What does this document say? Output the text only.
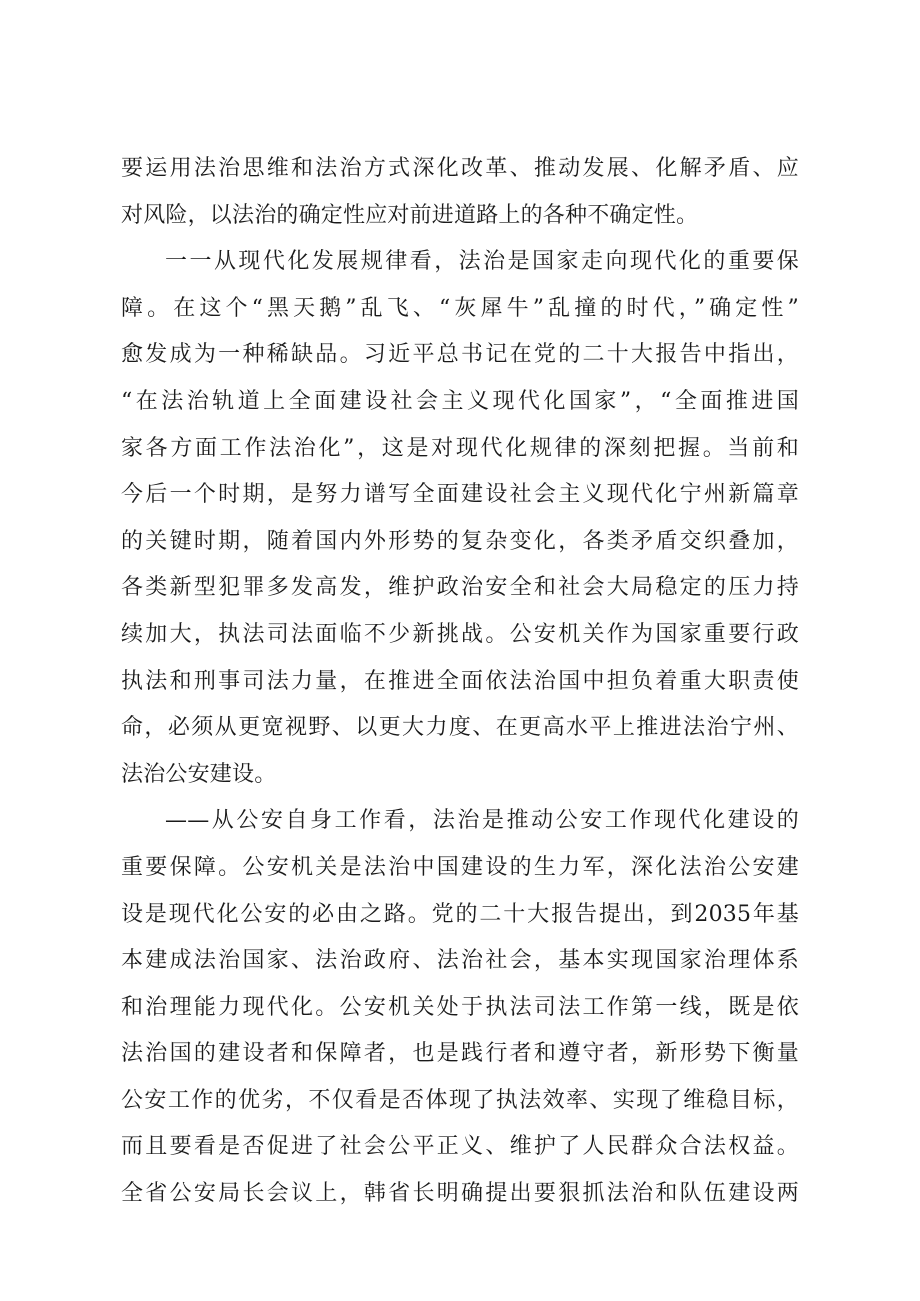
要运用法治思维和法治方式深化改革、推动发展、化解矛盾、应
对风险，以法治的确定性应对前进道路上的各种不确定性。
一一从现代化发展规律看，法治是国家走向现代化的重要保
障。在这个“黑天鹅”乱飞、“灰犀牛”乱撞的时代，”确定性”
愈发成为一种稀缺品。习近平总书记在党的二十大报告中指出，
“在法治轨道上全面建设社会主义现代化国家”，“全面推进国
家各方面工作法治化”，这是对现代化规律的深刻把握。当前和
今后一个时期，是努力谱写全面建设社会主义现代化宁州新篇章
的关键时期，随着国内外形势的复杂变化，各类矛盾交织叠加，
各类新型犯罪多发高发，维护政治安全和社会大局稳定的压力持
续加大，执法司法面临不少新挑战。公安机关作为国家重要行政
执法和刑事司法力量，在推进全面依法治国中担负着重大职责使
命，必须从更宽视野、以更大力度、在更高水平上推进法治宁州、
法治公安建设。
——从公安自身工作看，法治是推动公安工作现代化建设的
重要保障。公安机关是法治中国建设的生力军，深化法治公安建
设是现代化公安的必由之路。党的二十大报告提出，到2035年基
本建成法治国家、法治政府、法治社会，基本实现国家治理体系
和治理能力现代化。公安机关处于执法司法工作第一线，既是依
法治国的建设者和保障者，也是践行者和遵守者，新形势下衡量
公安工作的优劣，不仅看是否体现了执法效率、实现了维稳目标，
而且要看是否促进了社会公平正义、维护了人民群众合法权益。
全省公安局长会议上，韩省长明确提出要狠抓法治和队伍建设两
